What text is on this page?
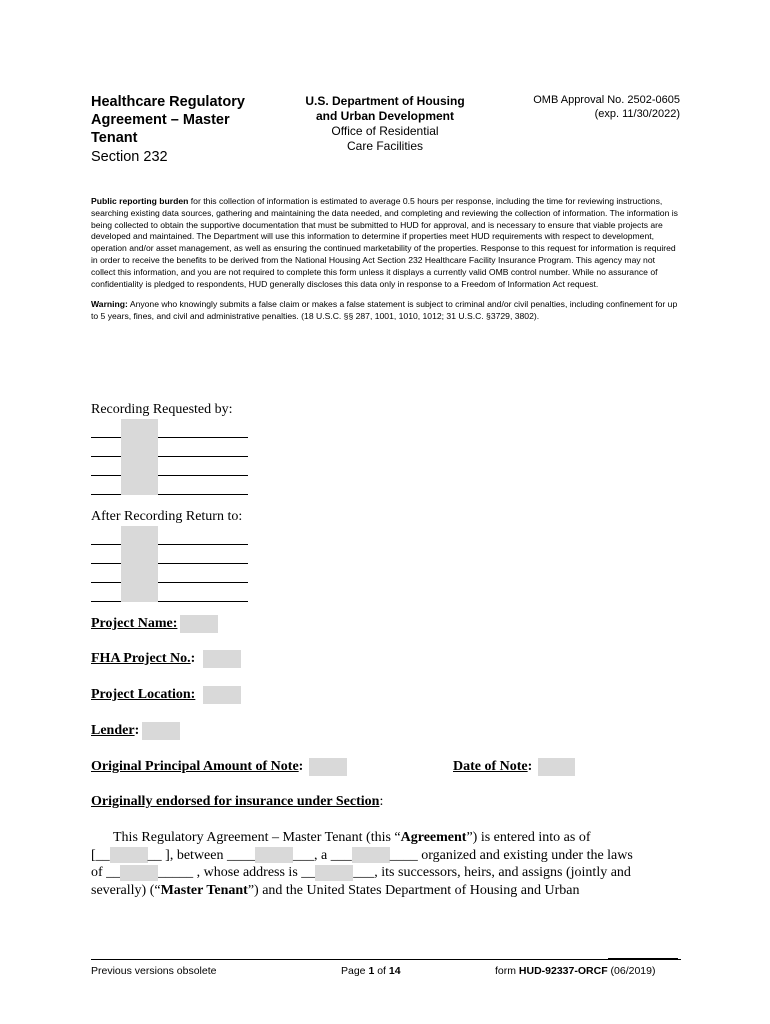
Healthcare Regulatory
Agreement – Master
Tenant
Section 232
U.S. Department of Housing
and Urban Development
Office of Residential
Care Facilities
OMB Approval No. 2502-0605
(exp. 11/30/2022)

Public reporting burden for this collection of information is estimated to average 0.5 hours per response, including the time for reviewing instructions, searching existing data sources, gathering and maintaining the data needed, and completing and reviewing the collection of information. The information is being collected to obtain the supportive documentation that must be submitted to HUD for approval, and is necessary to ensure that viable projects are developed and maintained. The Department will use this information to determine if properties meet HUD requirements with respect to development, operation and/or asset management, as well as ensuring the continued marketability of the properties. Response to this request for information is required in order to receive the benefits to be derived from the National Housing Act Section 232 Healthcare Facility Insurance Program. This agency may not collect this information, and you are not required to complete this form unless it displays a currently valid OMB control number. While no assurance of confidentiality is pledged to respondents, HUD generally discloses this data only in response to a Freedom of Information Act request.

Warning: Anyone who knowingly submits a false claim or makes a false statement is subject to criminal and/or civil penalties, including confinement for up to 5 years, fines, and civil and administrative penalties. (18 U.S.C. §§ 287, 1001, 1010, 1012; 31 U.S.C. §3729, 3802).

Recording Requested by:
After Recording Return to:
Project Name:
FHA Project No.:
Project Location:
Lender:
Original Principal Amount of Note:	Date of Note:
Originally endorsed for insurance under Section:

This Regulatory Agreement – Master Tenant (this “Agreement”) is entered into as of

[__	__ ], between ____	___, a ___	____ organized and existing under the laws
of __	_____ , whose address is __	___, its successors, heirs, and assigns (jointly and
severally) (“Master Tenant”) and the United States Department of Housing and Urban
Previous versions obsolete	Page 1 of 14	form HUD-92337-ORCF (06/2019)
